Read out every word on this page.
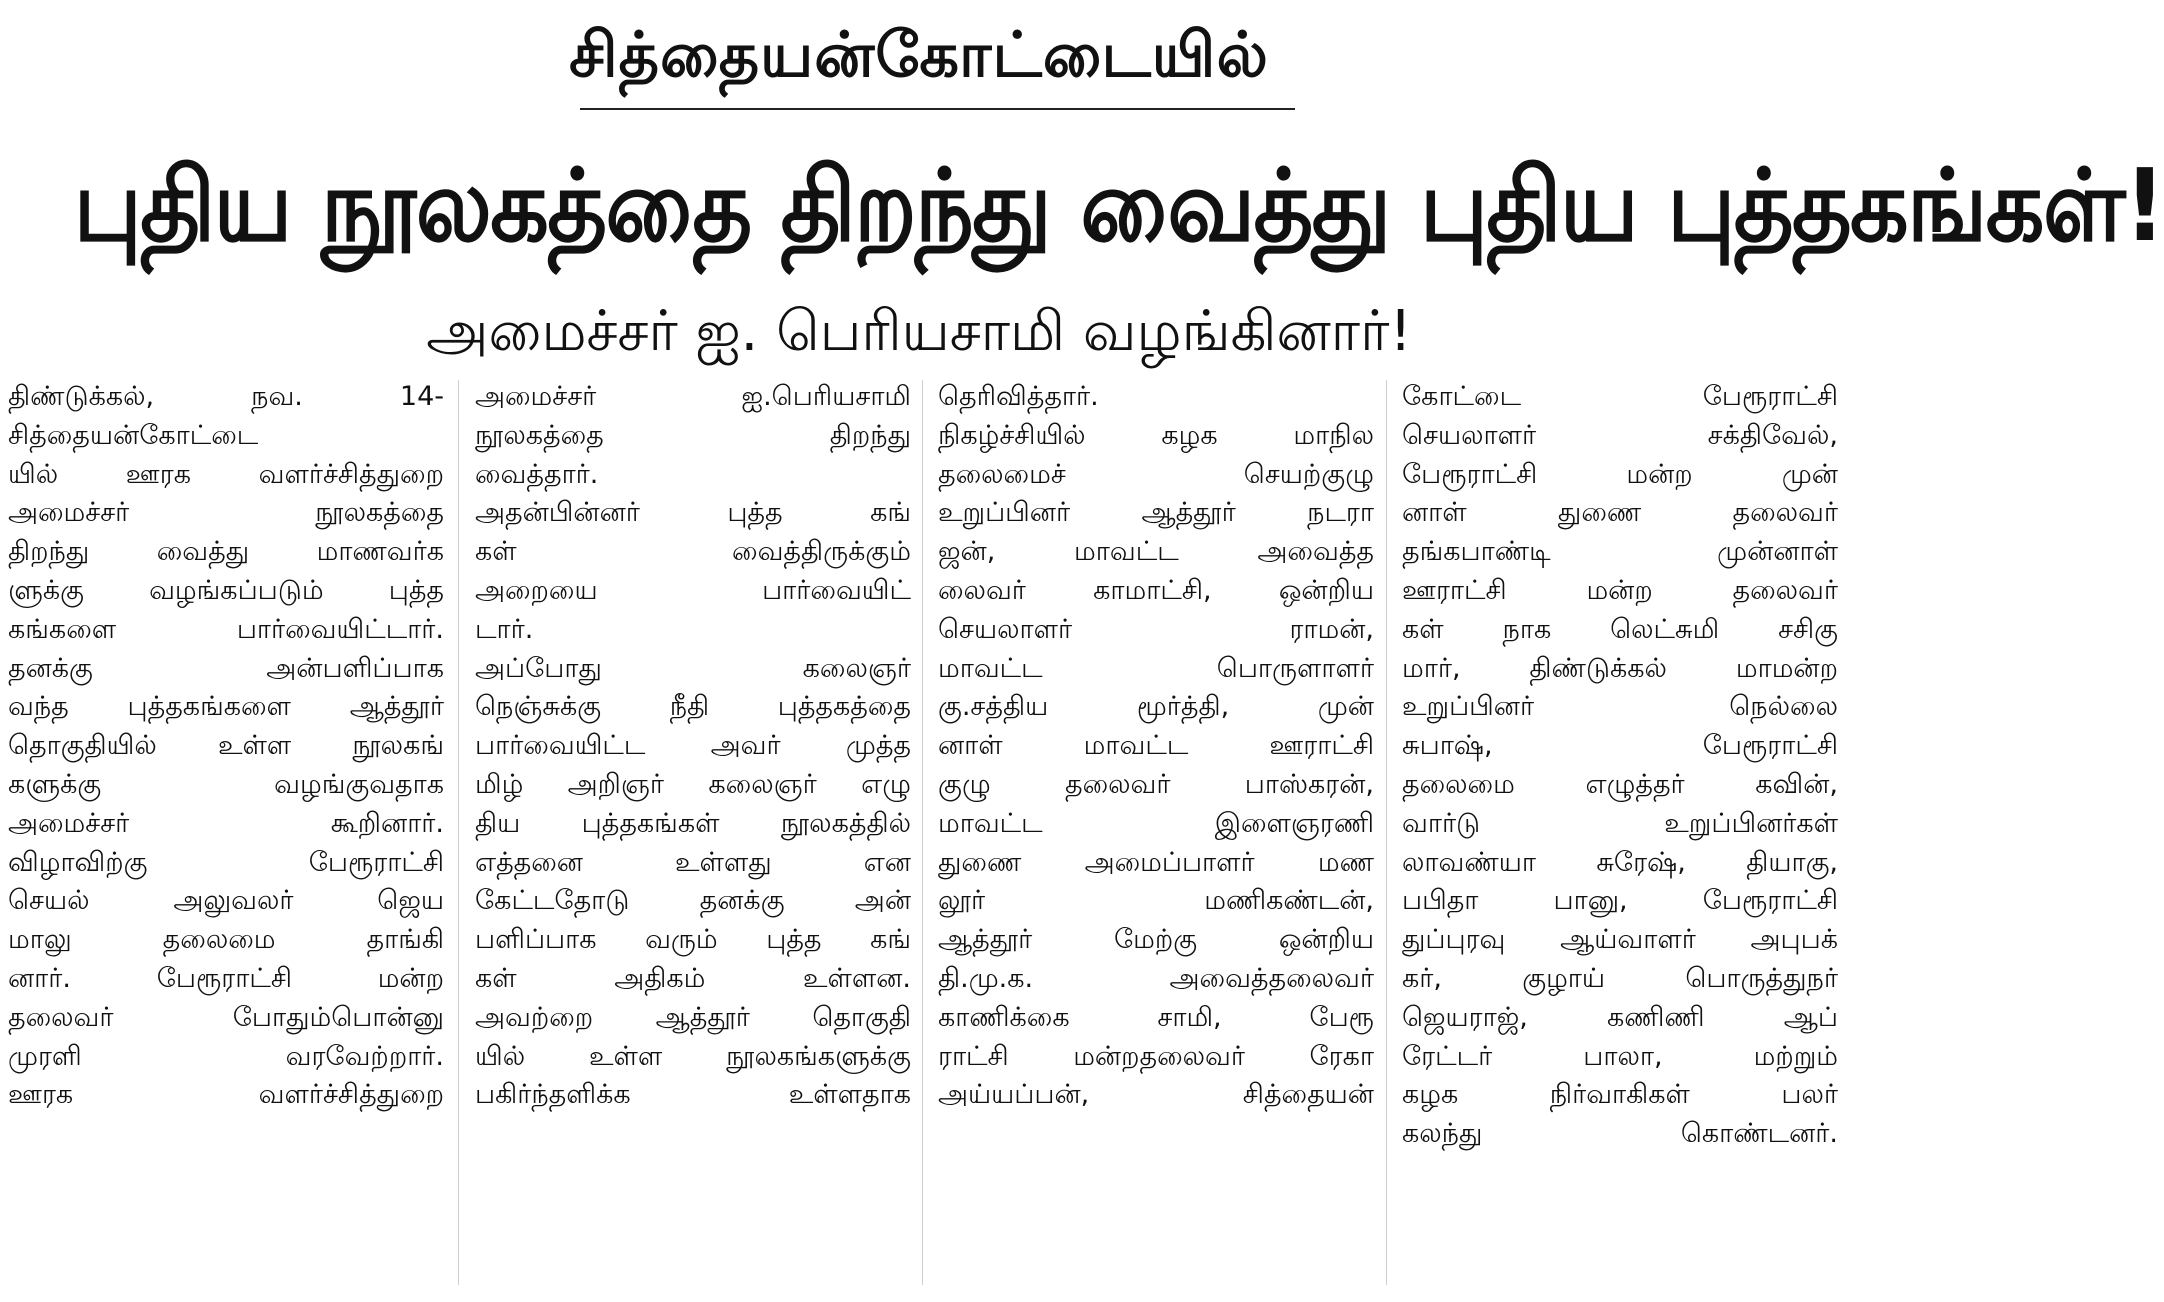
சித்தையன்கோட்டையில்
புதிய நூலகத்தை திறந்து வைத்து புதிய புத்தகங்கள்!
அமைச்சர் ஐ. பெரியசாமி வழங்கினார்!
திண்டுக்கல், நவ. 14-
சித்தையன்கோட்டை
யில் ஊரக வளர்ச்சித்துறை
அமைச்சர் நூலகத்தை
திறந்து வைத்து மாணவர்க
ளுக்கு வழங்கப்படும் புத்த
கங்களை பார்வையிட்டார்.
தனக்கு அன்பளிப்பாக
வந்த புத்தகங்களை ஆத்தூர்
தொகுதியில் உள்ள நூலகங்
களுக்கு வழங்குவதாக
அமைச்சர் கூறினார்.
விழாவிற்கு பேரூராட்சி
செயல் அலுவலர் ஜெய
மாலு தலைமை தாங்கி
னார். பேரூராட்சி மன்ற
தலைவர் போதும்பொன்னு
முரளி வரவேற்றார்.
ஊரக வளர்ச்சித்துறை
அமைச்சர் ஐ.பெரியசாமி
நூலகத்தை திறந்து
வைத்தார்.
அதன்பின்னர் புத்த கங்
கள் வைத்திருக்கும்
அறையை பார்வையிட்
டார்.
அப்போது கலைஞர்
நெஞ்சுக்கு நீதி புத்தகத்தை
பார்வையிட்ட அவர் முத்த
மிழ் அறிஞர் கலைஞர் எழு
திய புத்தகங்கள் நூலகத்தில்
எத்தனை உள்ளது என
கேட்டதோடு தனக்கு அன்
பளிப்பாக வரும் புத்த கங்
கள் அதிகம் உள்ளன.
அவற்றை ஆத்தூர் தொகுதி
யில் உள்ள நூலகங்களுக்கு
பகிர்ந்தளிக்க உள்ளதாக
தெரிவித்தார்.
நிகழ்ச்சியில் கழக மாநில
தலைமைச் செயற்குழு
உறுப்பினர் ஆத்தூர் நடரா
ஜன், மாவட்ட அவைத்த
லைவர் காமாட்சி, ஒன்றிய
செயலாளர் ராமன்,
மாவட்ட பொருளாளர்
கு.சத்திய மூர்த்தி, முன்
னாள் மாவட்ட ஊராட்சி
குழு தலைவர் பாஸ்கரன்,
மாவட்ட இளைஞரணி
துணை அமைப்பாளர் மண
லூர் மணிகண்டன்,
ஆத்தூர் மேற்கு ஒன்றிய
தி.மு.க. அவைத்தலைவர்
காணிக்கை சாமி, பேரூ
ராட்சி மன்றதலைவர் ரேகா
அய்யப்பன், சித்தையன்
கோட்டை பேரூராட்சி
செயலாளர் சக்திவேல்,
பேரூராட்சி மன்ற முன்
னாள் துணை தலைவர்
தங்கபாண்டி முன்னாள்
ஊராட்சி மன்ற தலைவர்
கள் நாக லெட்சுமி சசிகு
மார், திண்டுக்கல் மாமன்ற
உறுப்பினர் நெல்லை
சுபாஷ், பேரூராட்சி
தலைமை எழுத்தர் கவின்,
வார்டு உறுப்பினர்கள்
லாவண்யா சுரேஷ், தியாகு,
பபிதா பானு, பேரூராட்சி
துப்புரவு ஆய்வாளர் அபுபக்
கர், குழாய் பொருத்துநர்
ஜெயராஜ், கணிணி ஆப்
ரேட்டர் பாலா, மற்றும்
கழக நிர்வாகிகள் பலர்
கலந்து கொண்டனர்.
